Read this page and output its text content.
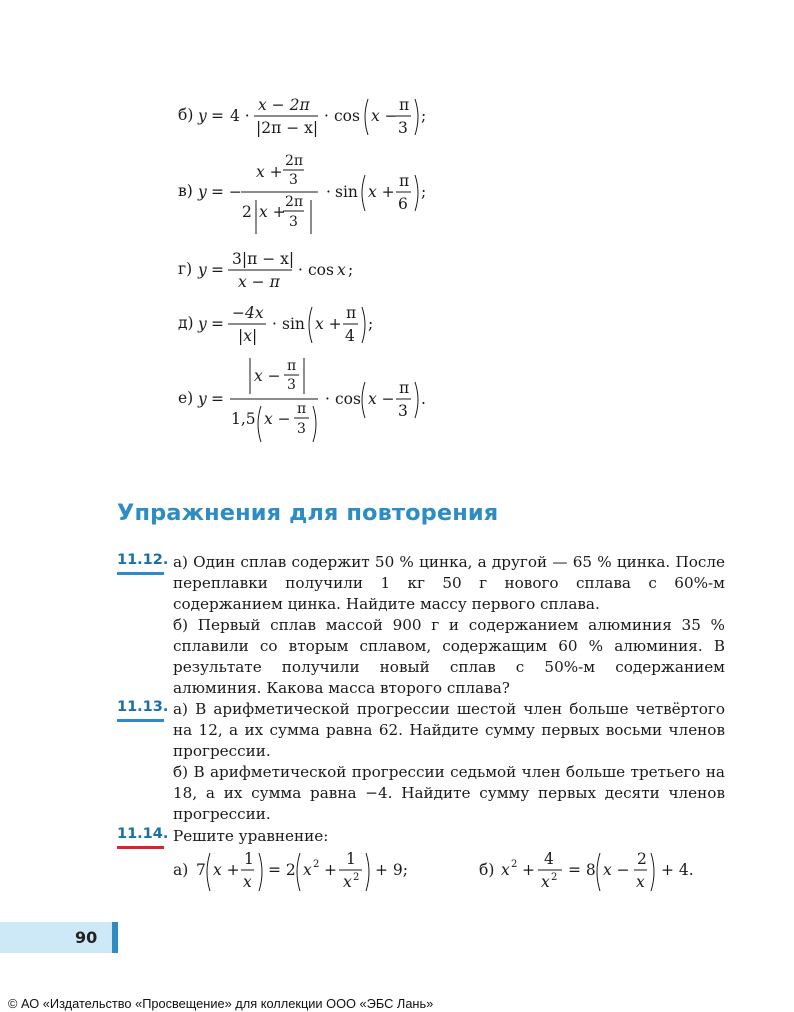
б) y = 4 ·
x − 2π
|2π − x|
· cos x −
π
3
;
в) y = −
x +
2π
3
2 x +
2π
3
· sin x +
π
6
;
г) y =
3|π − x|
x − π
· cos x ;
д) y =
−4x
|x|
· sin x +
π
4
;
е) y =
x −
π
3
1,5 x −
π
3
· cos x −
π
3
.
Упражнения для повторения
11.12. а) Один сплав содержит 50 % цинка, а другой — 65 % цинка. После переплавки получили 1 кг 50 г нового сплава с 60%-м содержанием цинка. Найдите массу первого сплава.

б) Первый сплав массой 900 г и содержанием алюминия 35 % сплавили со вторым сплавом, содержащим 60 % алюминия. В результате получили новый сплав с 50%-м содержанием алюминия. Какова масса второго сплава?

11.13. а) В арифметической прогрессии шестой член больше четвёртого на 12, а их сумма равна 62. Найдите сумму первых восьми членов прогрессии.

б) В арифметической прогрессии седьмой член больше третьего на 18, а их сумма равна −4. Найдите сумму первых десяти членов прогрессии.

11.14. Решите уравнение:

а) 7 x +
1
x
= 2 x 2 +
1
x 2 + 9;	б) x 2 +
4
x 2 = 8 x −
2
x
+ 4.
90
© АО «Издательство «Просвещение» для коллекции ООО «ЭБС Лань»
